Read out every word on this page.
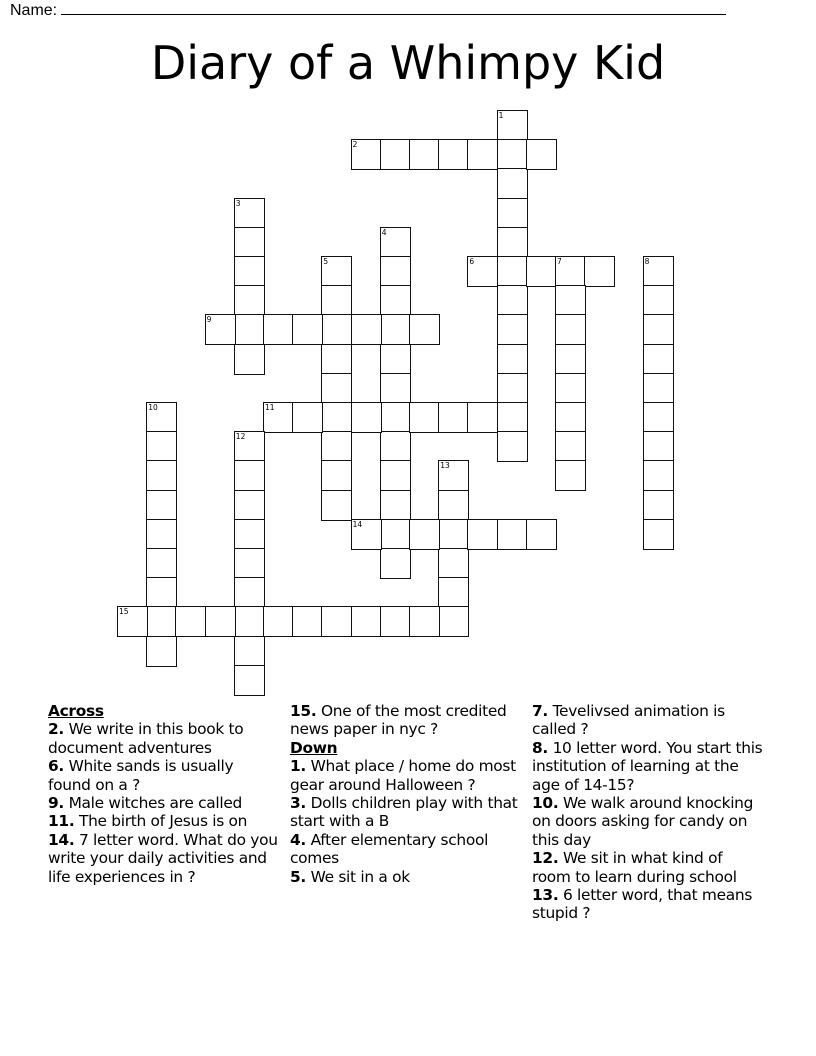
Name:
Diary of a Whimpy Kid
1
2
3
4
5	6	7	8
9
10	11
12
13
14
15
Across
2. We write in this book to document adventures
6. White sands is usually found on a ?
9. Male witches are called
11. The birth of Jesus is on
14. 7 letter word. What do you write your daily activities and life experiences in ?
15. One of the most credited news paper in nyc ?
Down
1. What place / home do most gear around Halloween ?
3. Dolls children play with that start with a B
4. After elementary school comes
5. We sit in a ok
7. Tevelivsed animation is called ?
8. 10 letter word. You start this institution of learning at the age of 14-15?
10. We walk around knocking on doors asking for candy on this day
12. We sit in what kind of room to learn during school
13. 6 letter word, that means stupid ?
